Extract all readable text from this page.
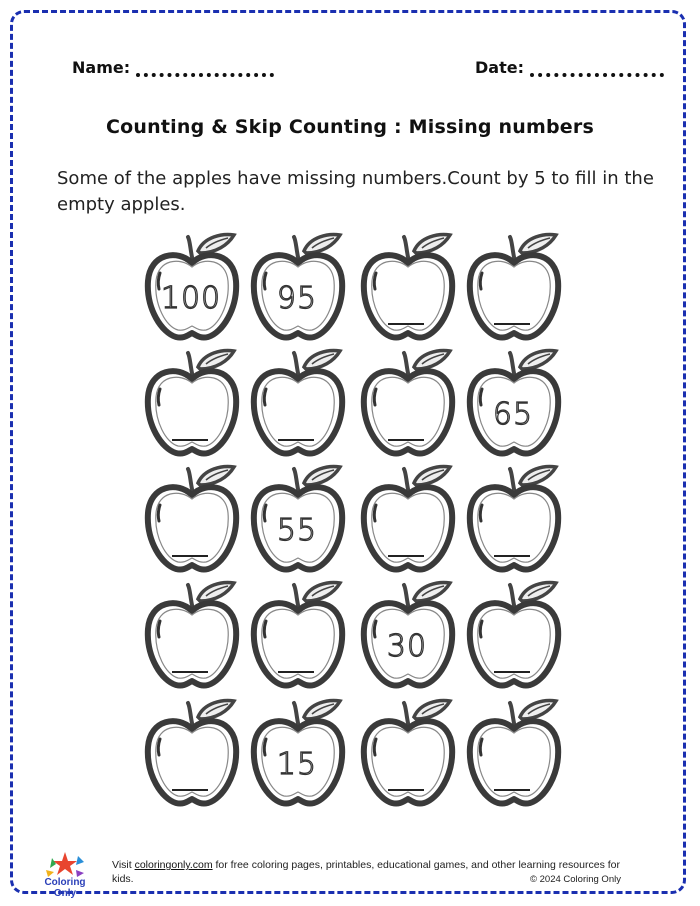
Name:	Date:
Counting & Skip Counting : Missing numbers
Some of the apples have missing numbers.Count by 5 to fill in the empty apples.
100	95
65
55
30
15
Coloring Only
Visit coloringonly.com for free coloring pages, printables, educational games, and other learning resources for kids.	© 2024 Coloring Only
